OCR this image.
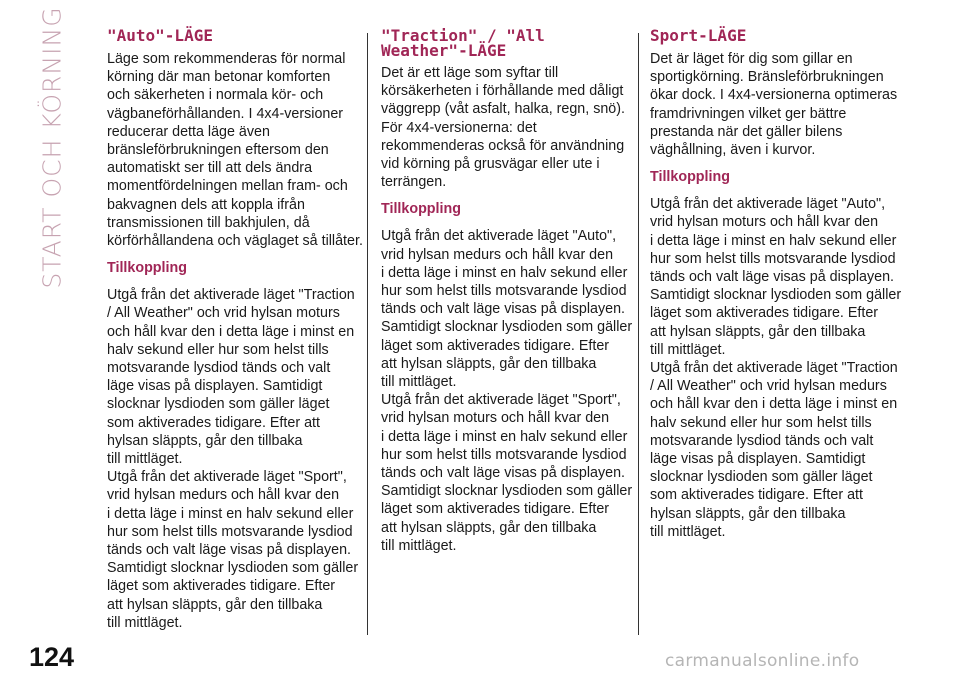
START OCH KÖRNING	"Auto"-LÄGE

Läge som rekommenderas för normal
körning där man betonar komforten
och säkerheten i normala kör- och
vägbaneförhållanden. I 4x4-versioner
reducerar detta läge även
bränsleförbrukningen eftersom den
automatiskt ser till att dels ändra
momentfördelningen mellan fram- och
bakvagnen dels att koppla ifrån
transmissionen till bakhjulen, då
körförhållandena och väglaget så tillåter.

Tillkoppling

Utgå från det aktiverade läget "Traction
/ All Weather" och vrid hylsan moturs
och håll kvar den i detta läge i minst en
halv sekund eller hur som helst tills
motsvarande lysdiod tänds och valt
läge visas på displayen. Samtidigt
slocknar lysdioden som gäller läget
som aktiverades tidigare. Efter att
hylsan släppts, går den tillbaka
till mittläget.
Utgå från det aktiverade läget "Sport",
vrid hylsan medurs och håll kvar den
i detta läge i minst en halv sekund eller
hur som helst tills motsvarande lysdiod
tänds och valt läge visas på displayen.
Samtidigt slocknar lysdioden som gäller
läget som aktiverades tidigare. Efter
att hylsan släppts, går den tillbaka
till mittläget.

"Traction" / "All
Weather"-LÄGE

Det är ett läge som syftar till
körsäkerheten i förhållande med dåligt
väggrepp (våt asfalt, halka, regn, snö).
För 4x4-versionerna: det
rekommenderas också för användning
vid körning på grusvägar eller ute i
terrängen.

Tillkoppling

Utgå från det aktiverade läget "Auto",
vrid hylsan medurs och håll kvar den
i detta läge i minst en halv sekund eller
hur som helst tills motsvarande lysdiod
tänds och valt läge visas på displayen.
Samtidigt slocknar lysdioden som gäller
läget som aktiverades tidigare. Efter
att hylsan släppts, går den tillbaka
till mittläget.
Utgå från det aktiverade läget "Sport",
vrid hylsan moturs och håll kvar den
i detta läge i minst en halv sekund eller
hur som helst tills motsvarande lysdiod
tänds och valt läge visas på displayen.
Samtidigt slocknar lysdioden som gäller
läget som aktiverades tidigare. Efter
att hylsan släppts, går den tillbaka
till mittläget.

Sport-LÄGE

Det är läget för dig som gillar en
sportigkörning. Bränsleförbrukningen
ökar dock. I 4x4-versionerna optimeras
framdrivningen vilket ger bättre
prestanda när det gäller bilens
väghållning, även i kurvor.

Tillkoppling

Utgå från det aktiverade läget "Auto",
vrid hylsan moturs och håll kvar den
i detta läge i minst en halv sekund eller
hur som helst tills motsvarande lysdiod
tänds och valt läge visas på displayen.
Samtidigt slocknar lysdioden som gäller
läget som aktiverades tidigare. Efter
att hylsan släppts, går den tillbaka
till mittläget.
Utgå från det aktiverade läget "Traction
/ All Weather" och vrid hylsan medurs
och håll kvar den i detta läge i minst en
halv sekund eller hur som helst tills
motsvarande lysdiod tänds och valt
läge visas på displayen. Samtidigt
slocknar lysdioden som gäller läget
som aktiverades tidigare. Efter att
hylsan släppts, går den tillbaka
till mittläget.

124	carmanualsonline.info
